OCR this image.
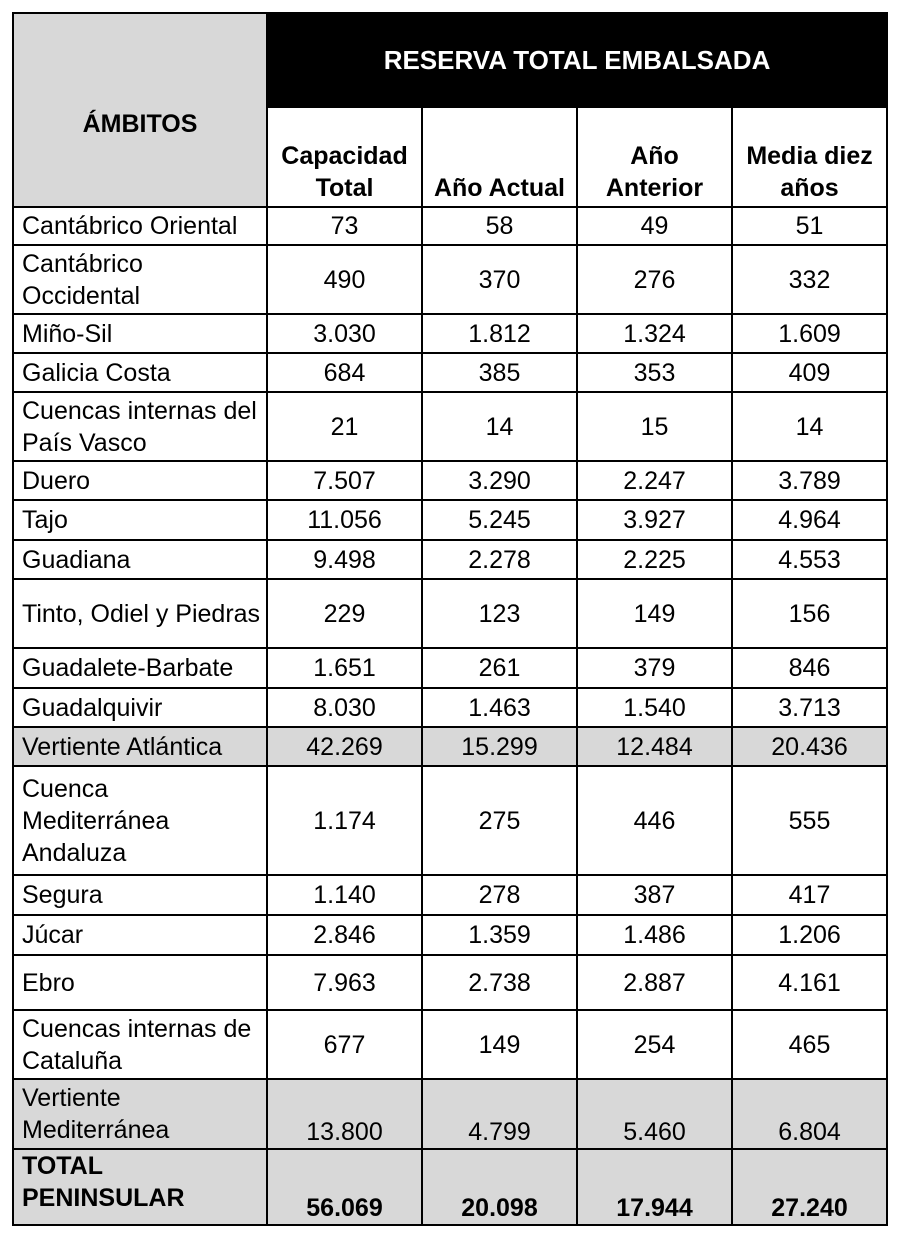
ÁMBITOS	RESERVA TOTAL EMBALSADA			
	Capacidad Total	Año Actual	Año Anterior	Media diez años
Cantábrico Oriental	73	58	49	51
Cantábrico Occidental	490	370	276	332
Miño-Sil	3.030	1.812	1.324	1.609
Galicia Costa	684	385	353	409
Cuencas internas del País Vasco	21	14	15	14
Duero	7.507	3.290	2.247	3.789
Tajo	11.056	5.245	3.927	4.964
Guadiana	9.498	2.278	2.225	4.553
Tinto, Odiel y Piedras	229	123	149	156
Guadalete-Barbate	1.651	261	379	846
Guadalquivir	8.030	1.463	1.540	3.713
Vertiente Atlántica	42.269	15.299	12.484	20.436
Cuenca Mediterránea Andaluza	1.174	275	446	555
Segura	1.140	278	387	417
Júcar	2.846	1.359	1.486	1.206
Ebro	7.963	2.738	2.887	4.161
Cuencas internas de Cataluña	677	149	254	465
Vertiente Mediterránea	13.800	4.799	5.460	6.804
TOTAL PENINSULAR	56.069	20.098	17.944	27.240
